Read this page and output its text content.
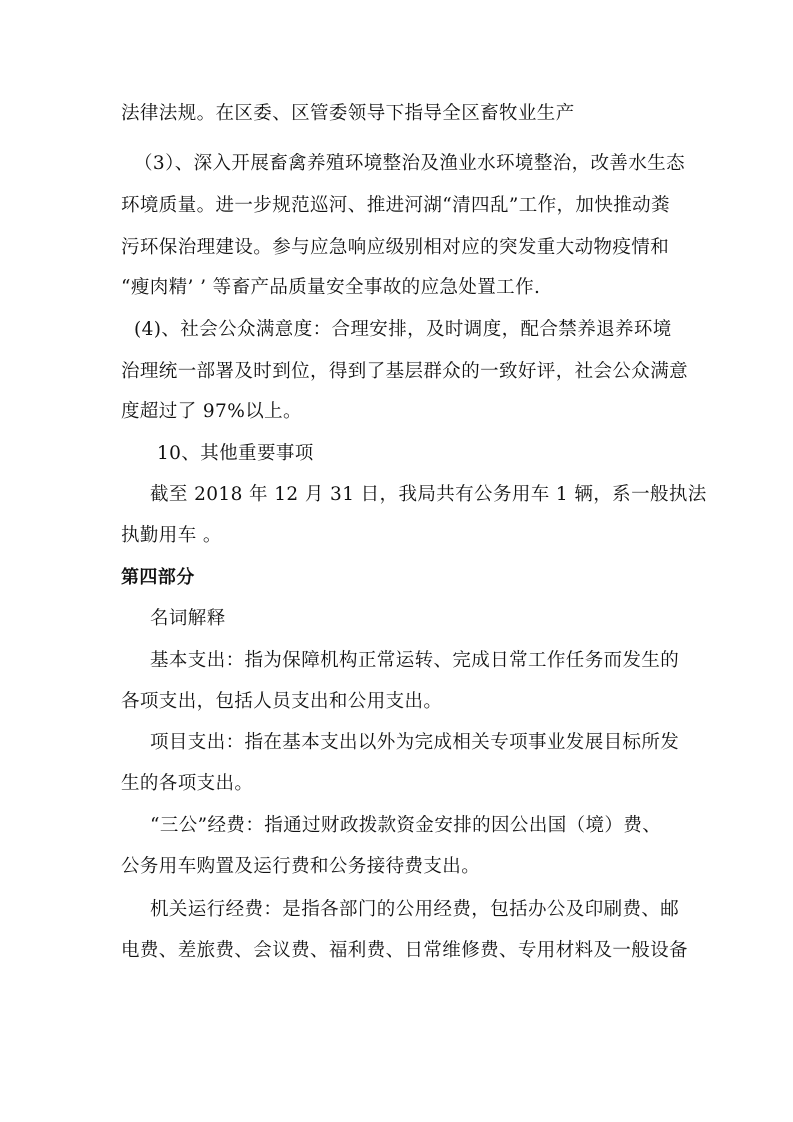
法律法规。在区委、区管委领导下指导全区畜牧业生产
（3）、深入开展畜禽养殖环境整治及渔业水环境整治，改善水生态
环境质量。进一步规范巡河、推进河湖“清四乱”工作，加快推动粪
污环保治理建设。参与应急响应级别相对应的突发重大动物疫情和
“瘦肉精’ ’ 等畜产品质量安全事故的应急处置工作.
(4)、社会公众满意度：合理安排，及时调度，配合禁养退养环境
治理统一部署及时到位，得到了基层群众的一致好评，社会公众满意
度超过了 97%以上。
10、其他重要事项
截至 2018 年 12 月 31 日，我局共有公务用车 1 辆，系一般执法
执勤用车 。
第四部分
名词解释
基本支出：指为保障机构正常运转、完成日常工作任务而发生的
各项支出，包括人员支出和公用支出。
项目支出：指在基本支出以外为完成相关专项事业发展目标所发
生的各项支出。
“三公”经费：指通过财政拨款资金安排的因公出国（境）费、
公务用车购置及运行费和公务接待费支出。
机关运行经费：是指各部门的公用经费，包括办公及印刷费、邮
电费、差旅费、会议费、福利费、日常维修费、专用材料及一般设备
